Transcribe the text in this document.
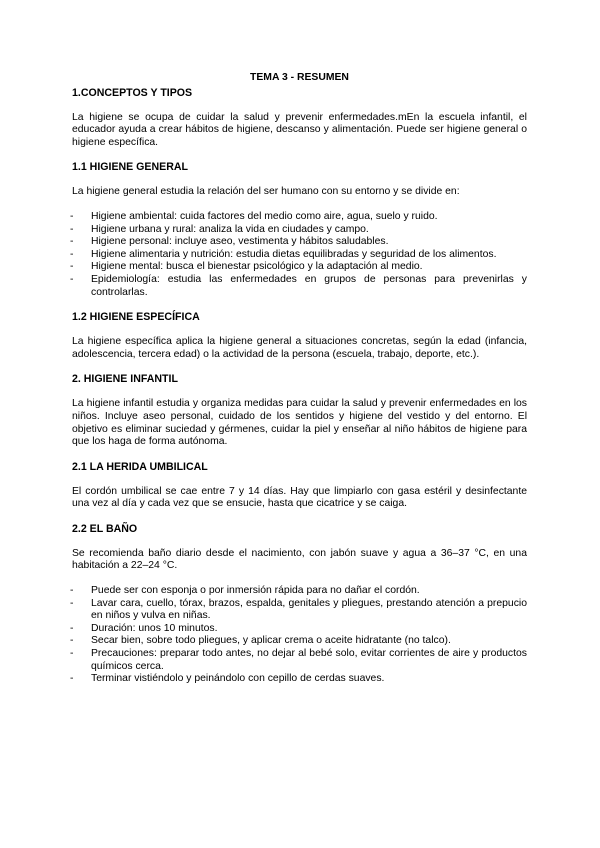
TEMA 3 - RESUMEN

1.CONCEPTOS Y TIPOS

La higiene se ocupa de cuidar la salud y prevenir enfermedades.mEn la escuela infantil, el educador ayuda a crear hábitos de higiene, descanso y alimentación. Puede ser higiene general o higiene específica.

1.1 HIGIENE GENERAL

La higiene general estudia la relación del ser humano con su entorno y se divide en:

- Higiene ambiental: cuida factores del medio como aire, agua, suelo y ruido.
- Higiene urbana y rural: analiza la vida en ciudades y campo.
- Higiene personal: incluye aseo, vestimenta y hábitos saludables.
- Higiene alimentaria y nutrición: estudia dietas equilibradas y seguridad de los alimentos.
- Higiene mental: busca el bienestar psicológico y la adaptación al medio.
- Epidemiología: estudia las enfermedades en grupos de personas para prevenirlas y controlarlas.
1.2 HIGIENE ESPECÍFICA

La higiene específica aplica la higiene general a situaciones concretas, según la edad (infancia, adolescencia, tercera edad) o la actividad de la persona (escuela, trabajo, deporte, etc.).

2. HIGIENE INFANTIL

La higiene infantil estudia y organiza medidas para cuidar la salud y prevenir enfermedades en los niños. Incluye aseo personal, cuidado de los sentidos y higiene del vestido y del entorno. El objetivo es eliminar suciedad y gérmenes, cuidar la piel y enseñar al niño hábitos de higiene para que los haga de forma autónoma.

2.1 LA HERIDA UMBILICAL

El cordón umbilical se cae entre 7 y 14 días. Hay que limpiarlo con gasa estéril y desinfectante una vez al día y cada vez que se ensucie, hasta que cicatrice y se caiga.

2.2 EL BAÑO

Se recomienda baño diario desde el nacimiento, con jabón suave y agua a 36–37 °C, en una habitación a 22–24 °C.

- Puede ser con esponja o por inmersión rápida para no dañar el cordón.
- Lavar cara, cuello, tórax, brazos, espalda, genitales y pliegues, prestando atención a prepucio en niños y vulva en niñas.
- Duración: unos 10 minutos.
- Secar bien, sobre todo pliegues, y aplicar crema o aceite hidratante (no talco).
- Precauciones: preparar todo antes, no dejar al bebé solo, evitar corrientes de aire y productos químicos cerca.
- Terminar vistiéndolo y peinándolo con cepillo de cerdas suaves.
